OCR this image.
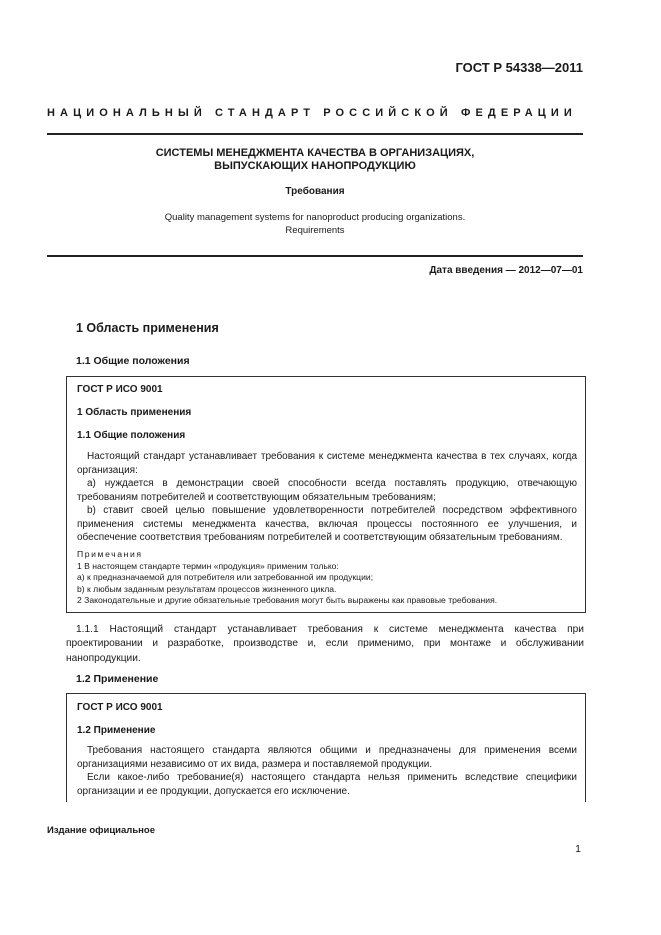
ГОСТ Р 54338—2011
НАЦИОНАЛЬНЫЙ СТАНДАРТ РОССИЙСКОЙ ФЕДЕРАЦИИ
СИСТЕМЫ МЕНЕДЖМЕНТА КАЧЕСТВА В ОРГАНИЗАЦИЯХ,
ВЫПУСКАЮЩИХ НАНОПРОДУКЦИЮ
Требования
Quality management systems for nanoproduct producing organizations.
Requirements
Дата введения — 2012—07—01
1 Область применения
1.1 Общие положения
ГОСТ Р ИСО 9001
1 Область применения
1.1 Общие положения
Настоящий стандарт устанавливает требования к системе менеджмента качества в тех случаях, когда организация:
а) нуждается в демонстрации своей способности всегда поставлять продукцию, отвечающую требованиям потребителей и соответствующим обязательным требованиям;
b) ставит своей целью повышение удовлетворенности потребителей посредством эффективного применения системы менеджмента качества, включая процессы постоянного ее улучшения, и обеспечение соответствия требованиям потребителей и соответствующим обязательным требованиям.
Примечания
1 В настоящем стандарте термин «продукция» применим только:
а) к предназначаемой для потребителя или затребованной им продукции;
b) к любым заданным результатам процессов жизненного цикла.
2 Законодательные и другие обязательные требования могут быть выражены как правовые требования.
1.1.1 Настоящий стандарт устанавливает требования к системе менеджмента качества при проектировании и разработке, производстве и, если применимо, при монтаже и обслуживании нанопродукции.
1.2 Применение
ГОСТ Р ИСО 9001
1.2 Применение
Требования настоящего стандарта являются общими и предназначены для применения всеми организациями независимо от их вида, размера и поставляемой продукции.
Если какое-либо требование(я) настоящего стандарта нельзя применить вследствие специфики организации и ее продукции, допускается его исключение.
Издание официальное
1
